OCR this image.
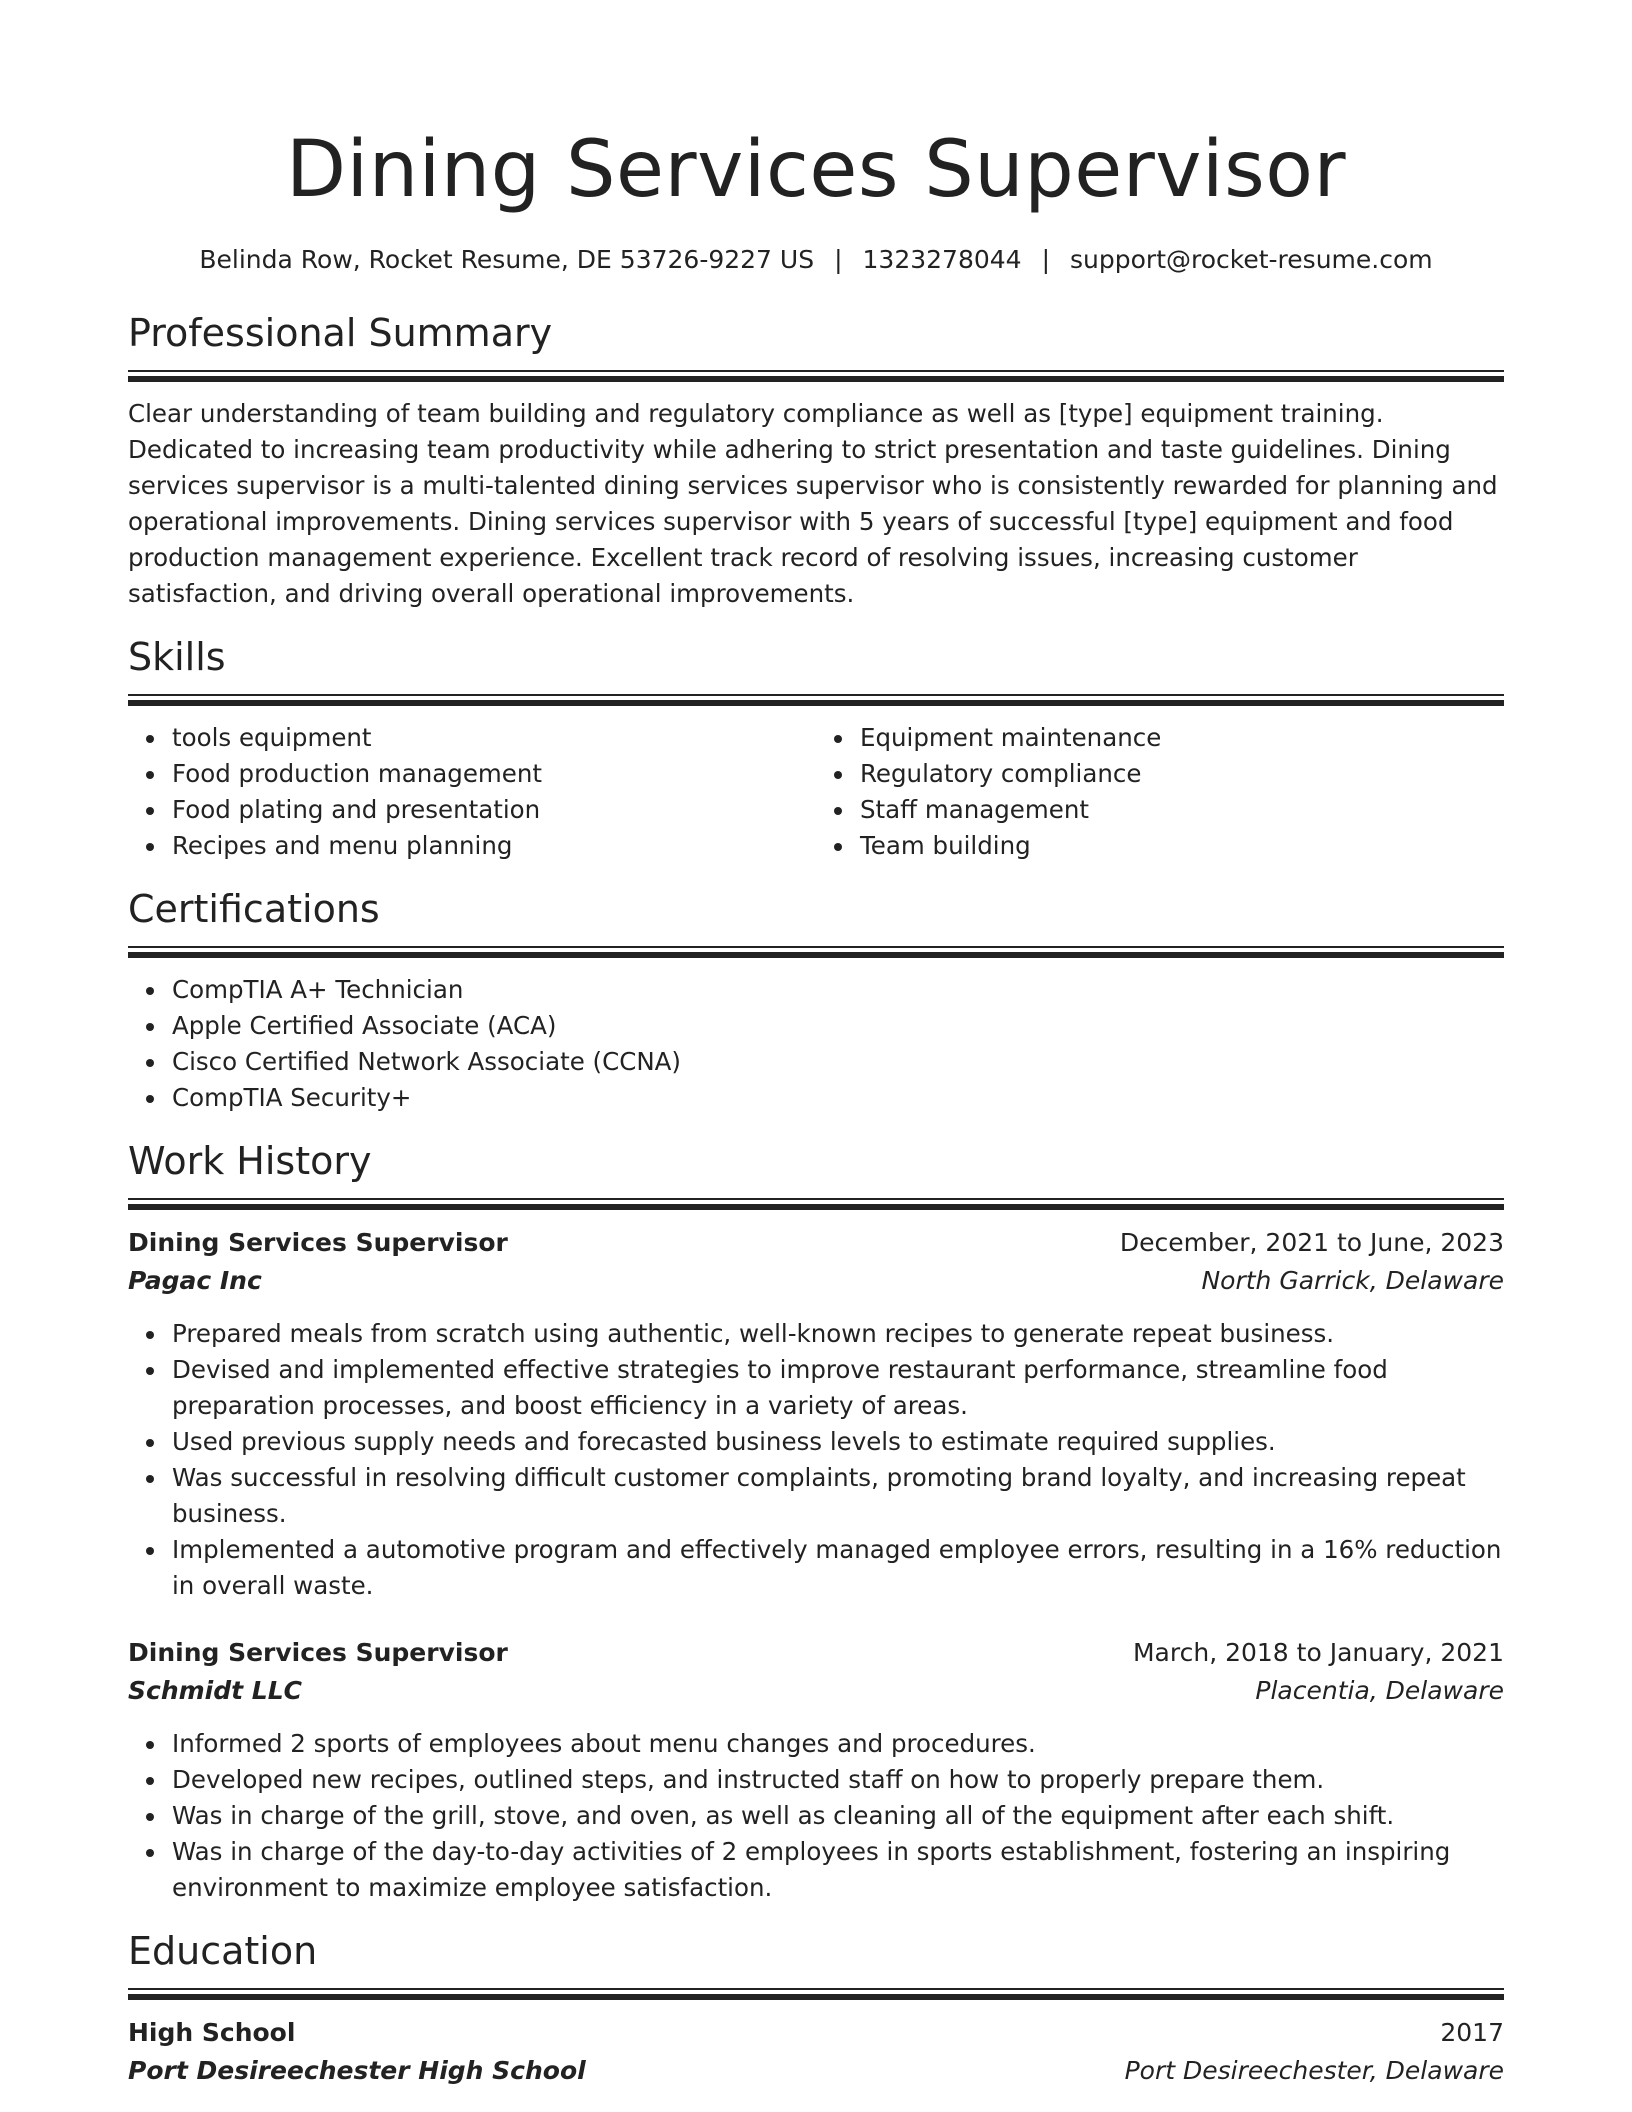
Dining Services Supervisor
Belinda Row, Rocket Resume, DE 53726-9227 US | 1323278044 | support@rocket-resume.com
Professional Summary

Clear understanding of team building and regulatory compliance as well as [type] equipment training. Dedicated to increasing team productivity while adhering to strict presentation and taste guidelines. Dining services supervisor is a multi-talented dining services supervisor who is consistently rewarded for planning and operational improvements. Dining services supervisor with 5 years of successful [type] equipment and food production management experience. Excellent track record of resolving issues, increasing customer satisfaction, and driving overall operational improvements.

Skills
tools equipment
Food production management
Food plating and presentation
Recipes and menu planning
Equipment maintenance
Regulatory compliance
Staff management
Team building
Certifications
CompTIA A+ Technician
Apple Certified Associate (ACA)
Cisco Certified Network Associate (CCNA)
CompTIA Security+
Work History
Dining Services Supervisor	December, 2021 to June, 2023
Pagac Inc	North Garrick, Delaware
Prepared meals from scratch using authentic, well-known recipes to generate repeat business.
Devised and implemented effective strategies to improve restaurant performance, streamline food preparation processes, and boost efficiency in a variety of areas.
Used previous supply needs and forecasted business levels to estimate required supplies.
Was successful in resolving difficult customer complaints, promoting brand loyalty, and increasing repeat business.
Implemented a automotive program and effectively managed employee errors, resulting in a 16% reduction in overall waste.
Dining Services Supervisor	March, 2018 to January, 2021
Schmidt LLC	Placentia, Delaware
Informed 2 sports of employees about menu changes and procedures.
Developed new recipes, outlined steps, and instructed staff on how to properly prepare them.
Was in charge of the grill, stove, and oven, as well as cleaning all of the equipment after each shift.
Was in charge of the day-to-day activities of 2 employees in sports establishment, fostering an inspiring environment to maximize employee satisfaction.
Education
High School	2017
Port Desireechester High School	Port Desireechester, Delaware
